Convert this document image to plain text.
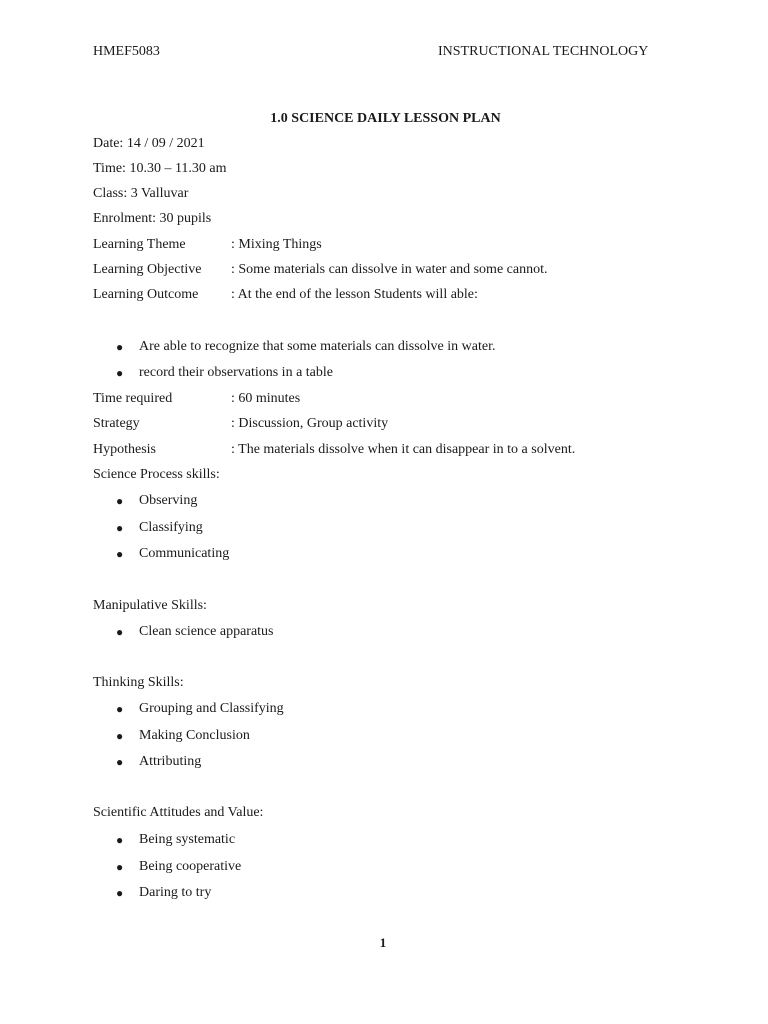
HMEF5083	INSTRUCTIONAL TECHNOLOGY
1.0 SCIENCE DAILY LESSON PLAN
Date: 14 / 09 / 2021
Time: 10.30 – 11.30 am
Class: 3 Valluvar
Enrolment: 30 pupils
Learning Theme	: Mixing Things
Learning Objective : Some materials can dissolve in water and some cannot.
Learning Outcome : At the end of the lesson Students will able:
● Are able to recognize that some materials can dissolve in water.
● record their observations in a table
Time required	: 60 minutes
Strategy	: Discussion, Group activity
Hypothesis	: The materials dissolve when it can disappear in to a solvent.
Science Process skills:
● Observing
● Classifying
● Communicating
Manipulative Skills:
● Clean science apparatus
Thinking Skills:
● Grouping and Classifying
● Making Conclusion
● Attributing
Scientific Attitudes and Value:
● Being systematic
● Being cooperative
● Daring to try
1
